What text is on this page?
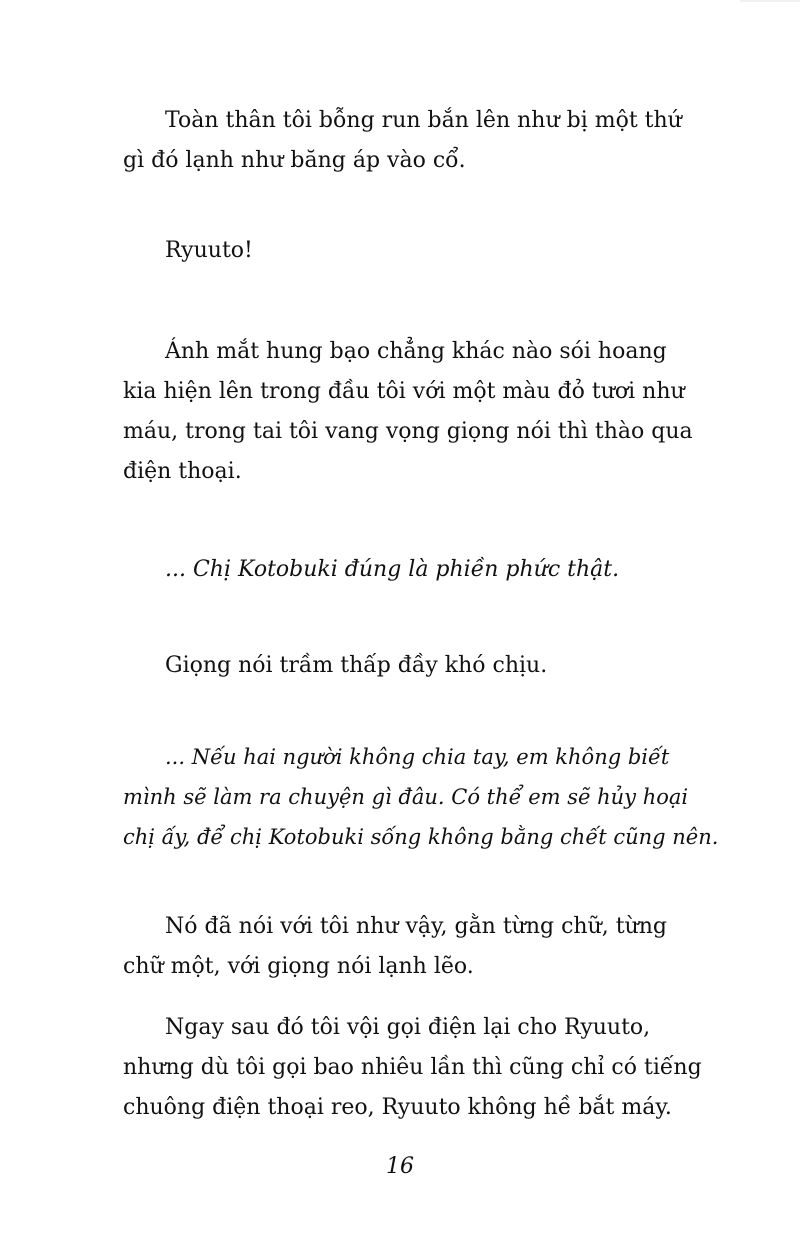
Toàn thân tôi bỗng run bắn lên như bị một thứ
gì đó lạnh như băng áp vào cổ.

Ryuuto!

Ánh mắt hung bạo chẳng khác nào sói hoang
kia hiện lên trong đầu tôi với một màu đỏ tươi như
máu, trong tai tôi vang vọng giọng nói thì thào qua
điện thoại.

... Chị Kotobuki đúng là phiền phức thật.

Giọng nói trầm thấp đầy khó chịu.

... Nếu hai người không chia tay, em không biết
mình sẽ làm ra chuyện gì đâu. Có thể em sẽ hủy hoại
chị ấy, để chị Kotobuki sống không bằng chết cũng nên.

Nó đã nói với tôi như vậy, gằn từng chữ, từng
chữ một, với giọng nói lạnh lẽo.

Ngay sau đó tôi vội gọi điện lại cho Ryuuto,
nhưng dù tôi gọi bao nhiêu lần thì cũng chỉ có tiếng
chuông điện thoại reo, Ryuuto không hề bắt máy.

16
